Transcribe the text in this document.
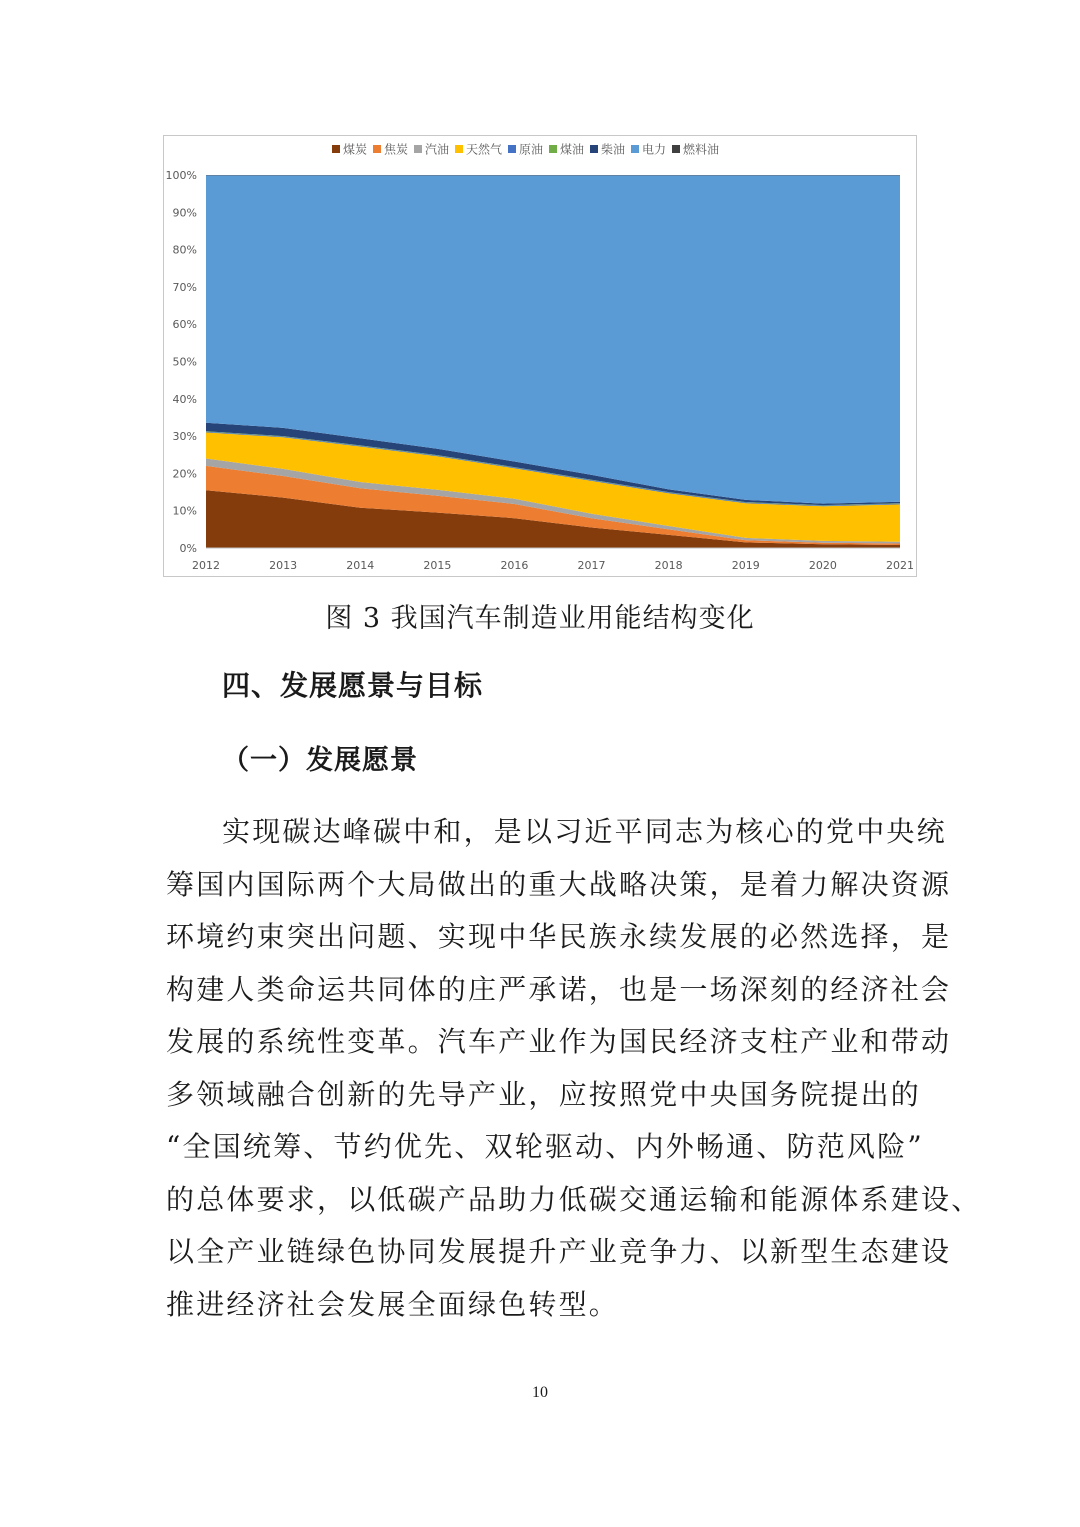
0%
10%
20%
30%
40%
50%
60%
70%
80%
90%
100%
2012	2013	2014	2015	2016	2017	2018	2019	2020	2021
煤炭 焦炭 汽油 天然气 原油 煤油 柴油 电力 燃料油
图 3 我国汽车制造业用能结构变化
四、发展愿景与目标
（一）发展愿景
实现碳达峰碳中和，是以习近平同志为核心的党中央统
筹国内国际两个大局做出的重大战略决策，是着力解决资源
环境约束突出问题、实现中华民族永续发展的必然选择，是
构建人类命运共同体的庄严承诺，也是一场深刻的经济社会
发展的系统性变革。汽车产业作为国民经济支柱产业和带动
多领域融合创新的先导产业，应按照党中央国务院提出的
“全国统筹、节约优先、双轮驱动、内外畅通、防范风险”
的总体要求，以低碳产品助力低碳交通运输和能源体系建设、
以全产业链绿色协同发展提升产业竞争力、以新型生态建设
推进经济社会发展全面绿色转型。
10
